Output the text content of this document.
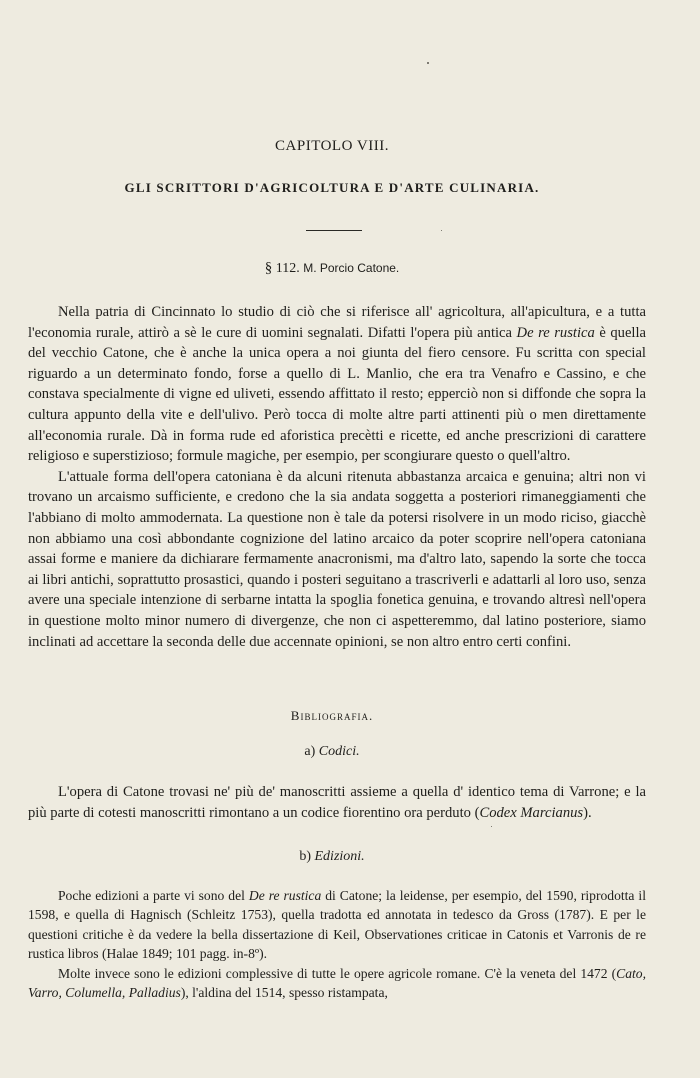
CAPITOLO VIII.
GLI SCRITTORI D'AGRICOLTURA E D'ARTE CULINARIA.
§ 112. M. Porcio Catone.

Nella patria di Cincinnato lo studio di ciò che si riferisce all' agricoltura, all'apicultura, e a tutta l'economia rurale, attirò a sè le cure di uomini segnalati. Difatti l'opera più antica De re rustica è quella del vecchio Catone, che è anche la unica opera a noi giunta del fiero censore. Fu scritta con special riguardo a un determinato fondo, forse a quello di L. Manlio, che era tra Venafro e Cassino, e che constava specialmente di vigne ed uliveti, essendo affittato il resto; epperciò non si diffonde che sopra la cultura appunto della vite e dell'ulivo. Però tocca di molte altre parti attinenti più o men direttamente all'economia rurale. Dà in forma rude ed aforistica precètti e ricette, ed anche prescrizioni di carattere religioso e superstizioso; formule magiche, per esempio, per scongiurare questo o quell'altro.

L'attuale forma dell'opera catoniana è da alcuni ritenuta abbastanza arcaica e genuina; altri non vi trovano un arcaismo sufficiente, e credono che la sia andata soggetta a posteriori rimaneggiamenti che l'abbiano di molto ammodernata. La questione non è tale da potersi risolvere in un modo riciso, giacchè non abbiamo una così abbondante cognizione del latino arcaico da poter scoprire nell'opera catoniana assai forme e maniere da dichiarare fermamente anacronismi, ma d'altro lato, sapendo la sorte che tocca ai libri antichi, soprattutto prosastici, quando i posteri seguitano a trascriverli e adattarli al loro uso, senza avere una speciale intenzione di serbarne intatta la spoglia fonetica genuina, e trovando altresì nell'opera in questione molto minor numero di divergenze, che non ci aspetteremmo, dal latino posteriore, siamo inclinati ad accettare la seconda delle due accennate opinioni, se non altro entro certi confini.

Bibliografia.
a) Codici.

L'opera di Catone trovasi ne' più de' manoscritti assieme a quella d' identico tema di Varrone; e la più parte di cotesti manoscritti rimontano a un codice fiorentino ora perduto (Codex Marcianus).

b) Edizioni.

Poche edizioni a parte vi sono del De re rustica di Catone; la leidense, per esempio, del 1590, riprodotta il 1598, e quella di Hagnisch (Schleitz 1753), quella tradotta ed annotata in tedesco da Gross (1787). E per le questioni critiche è da vedere la bella dissertazione di Keil, Observationes criticae in Catonis et Varronis de re rustica libros (Halae 1849; 101 pagg. in-8º).

Molte invece sono le edizioni complessive di tutte le opere agricole romane. C'è la veneta del 1472 (Cato, Varro, Columella, Palladius), l'aldina del 1514, spesso ristampata,
